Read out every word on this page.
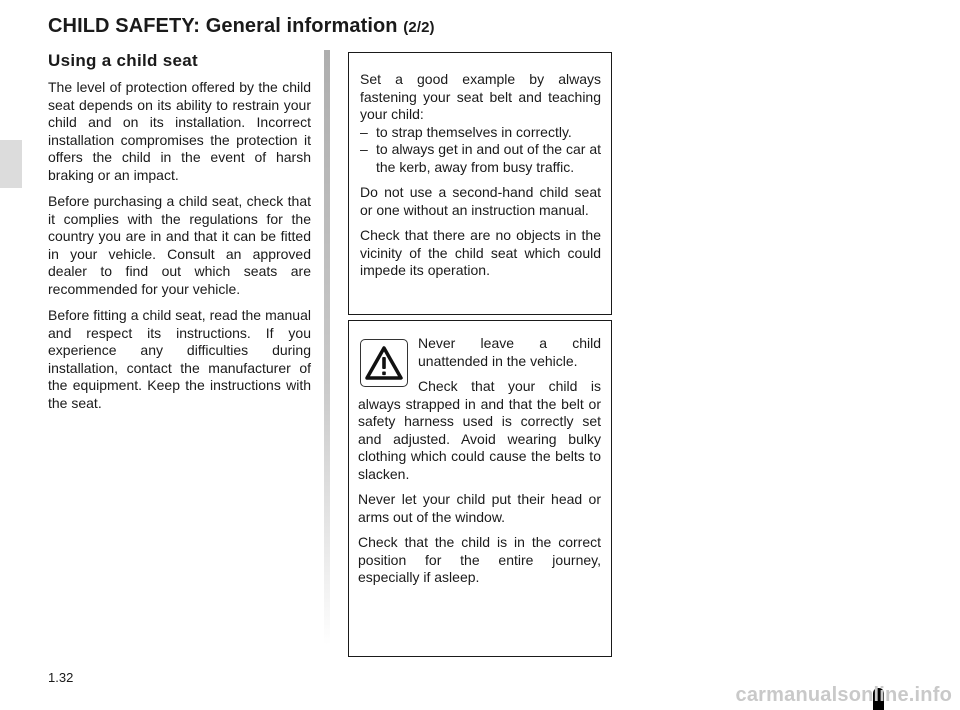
CHILD SAFETY: General information (2/2)
Using a child seat

The level of protection offered by the child seat depends on its ability to restrain your child and on its installation. Incorrect installation compromises the protection it offers the child in the event of harsh braking or an impact.

Before purchasing a child seat, check that it complies with the regulations for the country you are in and that it can be fitted in your vehicle. Consult an approved dealer to find out which seats are recommended for your vehicle.

Before fitting a child seat, read the manual and respect its instructions. If you experience any difficulties during installation, contact the manufacturer of the equipment. Keep the instructions with the seat.

Set a good example by always fastening your seat belt and teaching your child:

– to strap themselves in correctly.
– to always get in and out of the car at the kerb, away from busy traffic.

Do not use a second-hand child seat or one without an instruction manual.

Check that there are no objects in the vicinity of the child seat which could impede its operation.

Never leave a child unattended in the vehicle.

Check that your child is always strapped in and that the belt or safety harness used is correctly set and adjusted. Avoid wearing bulky clothing which could cause the belts to slacken.

Never let your child put their head or arms out of the window.

Check that the child is in the correct position for the entire journey, especially if asleep.

1.32
carmanualsonline.info
